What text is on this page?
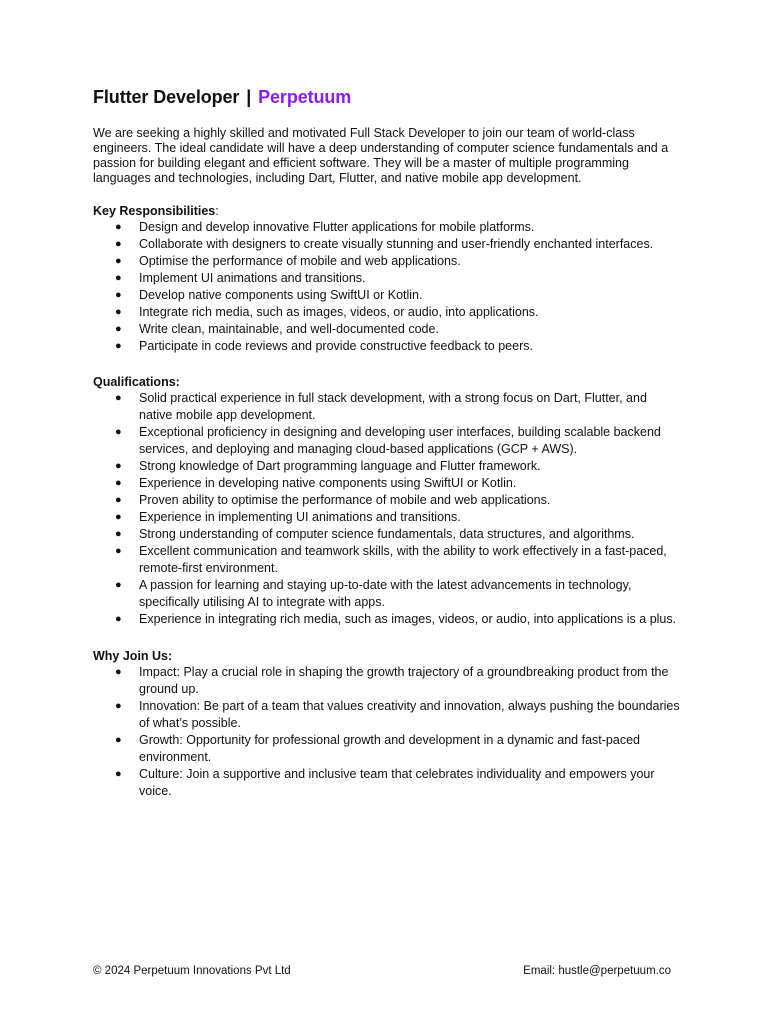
Flutter Developer | Perpetuum

We are seeking a highly skilled and motivated Full Stack Developer to join our team of world-class engineers. The ideal candidate will have a deep understanding of computer science fundamentals and a passion for building elegant and efficient software. They will be a master of multiple programming languages and technologies, including Dart, Flutter, and native mobile app development.

Key Responsibilities:
● Design and develop innovative Flutter applications for mobile platforms.
● Collaborate with designers to create visually stunning and user-friendly enchanted interfaces.
● Optimise the performance of mobile and web applications.
● Implement UI animations and transitions.
● Develop native components using SwiftUI or Kotlin.
● Integrate rich media, such as images, videos, or audio, into applications.
● Write clean, maintainable, and well-documented code.
● Participate in code reviews and provide constructive feedback to peers.
Qualifications:
● Solid practical experience in full stack development, with a strong focus on Dart, Flutter, and native mobile app development.
● Exceptional proficiency in designing and developing user interfaces, building scalable backend services, and deploying and managing cloud-based applications (GCP + AWS).
● Strong knowledge of Dart programming language and Flutter framework.
● Experience in developing native components using SwiftUI or Kotlin.
● Proven ability to optimise the performance of mobile and web applications.
● Experience in implementing UI animations and transitions.
● Strong understanding of computer science fundamentals, data structures, and algorithms.
● Excellent communication and teamwork skills, with the ability to work effectively in a fast-paced, remote-first environment.
● A passion for learning and staying up-to-date with the latest advancements in technology, specifically utilising AI to integrate with apps.
● Experience in integrating rich media, such as images, videos, or audio, into applications is a plus.
Why Join Us:
● Impact: Play a crucial role in shaping the growth trajectory of a groundbreaking product from the ground up.
● Innovation: Be part of a team that values creativity and innovation, always pushing the boundaries of what’s possible.
● Growth: Opportunity for professional growth and development in a dynamic and fast-paced environment.
● Culture: Join a supportive and inclusive team that celebrates individuality and empowers your voice.
© 2024 Perpetuum Innovations Pvt Ltd	Email: hustle@perpetuum.co
